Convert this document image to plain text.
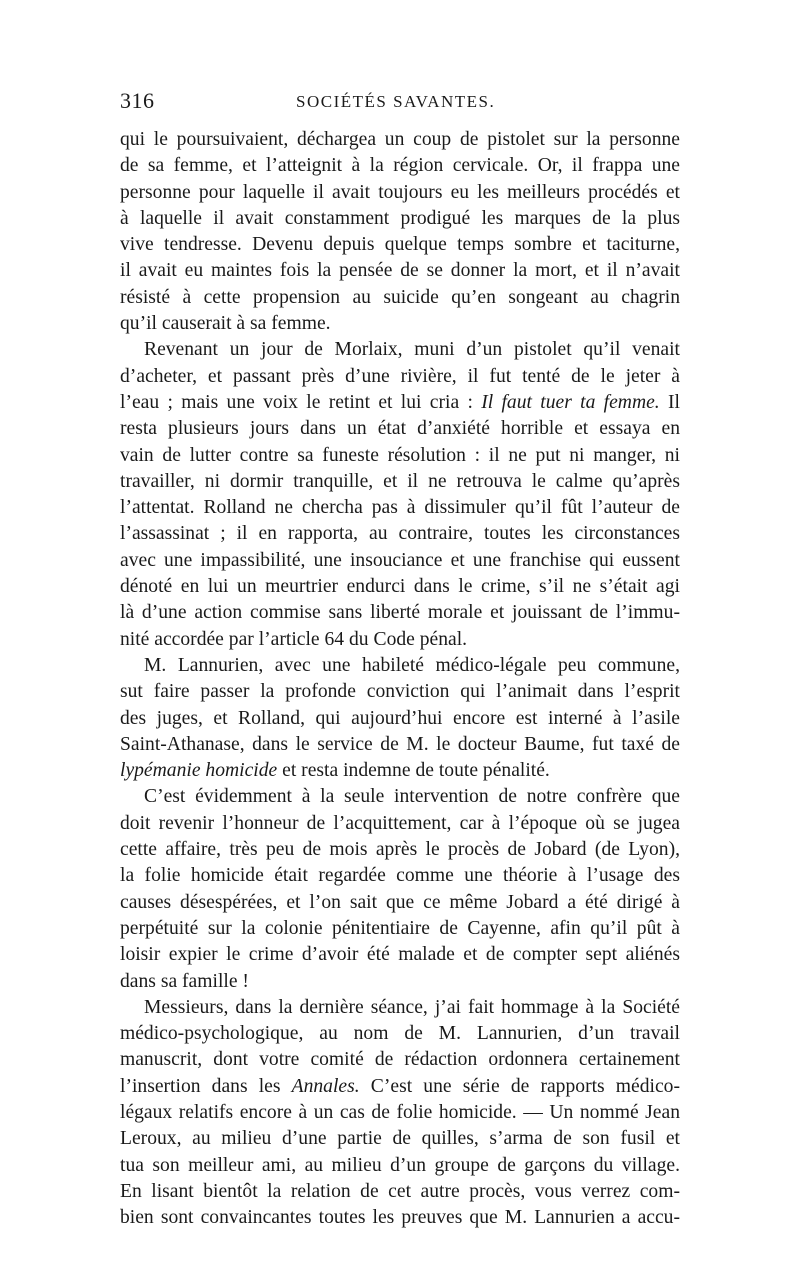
316	SOCIÉTÉS SAVANTES.
qui le poursuivaient, déchargea un coup de pistolet sur la personne
de sa femme, et l’atteignit à la région cervicale. Or, il frappa une
personne pour laquelle il avait toujours eu les meilleurs procédés et
à laquelle il avait constamment prodigué les marques de la plus
vive tendresse. Devenu depuis quelque temps sombre et taciturne,
il avait eu maintes fois la pensée de se donner la mort, et il n’avait
résisté à cette propension au suicide qu’en songeant au chagrin
qu’il causerait à sa femme.
Revenant un jour de Morlaix, muni d’un pistolet qu’il venait
d’acheter, et passant près d’une rivière, il fut tenté de le jeter à
l’eau ; mais une voix le retint et lui cria : Il faut tuer ta femme. Il
resta plusieurs jours dans un état d’anxiété horrible et essaya en
vain de lutter contre sa funeste résolution : il ne put ni manger, ni
travailler, ni dormir tranquille, et il ne retrouva le calme qu’après
l’attentat. Rolland ne chercha pas à dissimuler qu’il fût l’auteur de
l’assassinat ; il en rapporta, au contraire, toutes les circonstances
avec une impassibilité, une insouciance et une franchise qui eussent
dénoté en lui un meurtrier endurci dans le crime, s’il ne s’était agi
là d’une action commise sans liberté morale et jouissant de l’immu-
nité accordée par l’article 64 du Code pénal.
M. Lannurien, avec une habileté médico-légale peu commune,
sut faire passer la profonde conviction qui l’animait dans l’esprit
des juges, et Rolland, qui aujourd’hui encore est interné à l’asile
Saint-Athanase, dans le service de M. le docteur Baume, fut taxé de
lypémanie homicide et resta indemne de toute pénalité.
C’est évidemment à la seule intervention de notre confrère que
doit revenir l’honneur de l’acquittement, car à l’époque où se jugea
cette affaire, très peu de mois après le procès de Jobard (de Lyon),
la folie homicide était regardée comme une théorie à l’usage des
causes désespérées, et l’on sait que ce même Jobard a été dirigé à
perpétuité sur la colonie pénitentiaire de Cayenne, afin qu’il pût à
loisir expier le crime d’avoir été malade et de compter sept aliénés
dans sa famille !
Messieurs, dans la dernière séance, j’ai fait hommage à la Société
médico-psychologique, au nom de M. Lannurien, d’un travail
manuscrit, dont votre comité de rédaction ordonnera certainement
l’insertion dans les Annales. C’est une série de rapports médico-
légaux relatifs encore à un cas de folie homicide. — Un nommé Jean
Leroux, au milieu d’une partie de quilles, s’arma de son fusil et
tua son meilleur ami, au milieu d’un groupe de garçons du village.
En lisant bientôt la relation de cet autre procès, vous verrez com-
bien sont convaincantes toutes les preuves que M. Lannurien a accu-
